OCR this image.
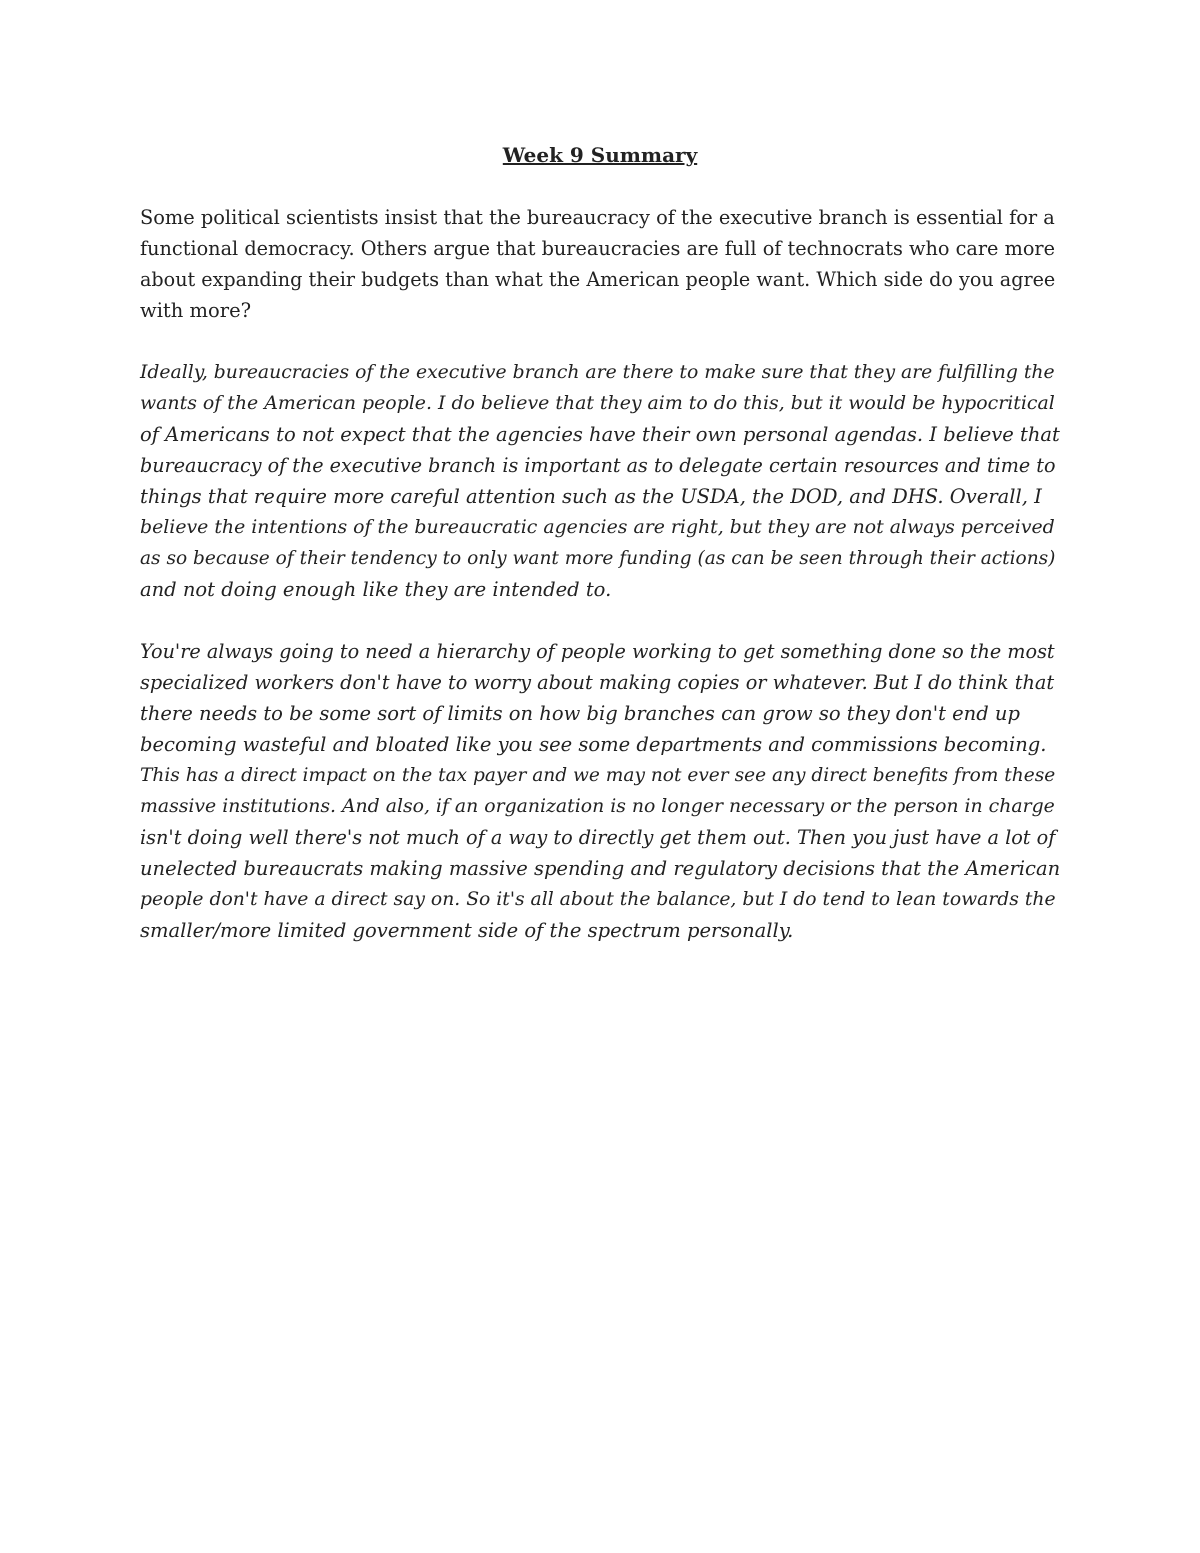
Week 9 Summary
Some political scientists insist that the bureaucracy of the executive branch is essential for a
functional democracy. Others argue that bureaucracies are full of technocrats who care more
about expanding their budgets than what the American people want. Which side do you agree
with more?
Ideally, bureaucracies of the executive branch are there to make sure that they are fulfilling the
wants of the American people. I do believe that they aim to do this, but it would be hypocritical
of Americans to not expect that the agencies have their own personal agendas. I believe that
bureaucracy of the executive branch is important as to delegate certain resources and time to
things that require more careful attention such as the USDA, the DOD, and DHS. Overall, I
believe the intentions of the bureaucratic agencies are right, but they are not always perceived
as so because of their tendency to only want more funding (as can be seen through their actions)
and not doing enough like they are intended to.
You're always going to need a hierarchy of people working to get something done so the most
specialized workers don't have to worry about making copies or whatever. But I do think that
there needs to be some sort of limits on how big branches can grow so they don't end up
becoming wasteful and bloated like you see some departments and commissions becoming.
This has a direct impact on the tax payer and we may not ever see any direct benefits from these
massive institutions. And also, if an organization is no longer necessary or the person in charge
isn't doing well there's not much of a way to directly get them out. Then you just have a lot of
unelected bureaucrats making massive spending and regulatory decisions that the American
people don't have a direct say on. So it's all about the balance, but I do tend to lean towards the
smaller/more limited government side of the spectrum personally.
